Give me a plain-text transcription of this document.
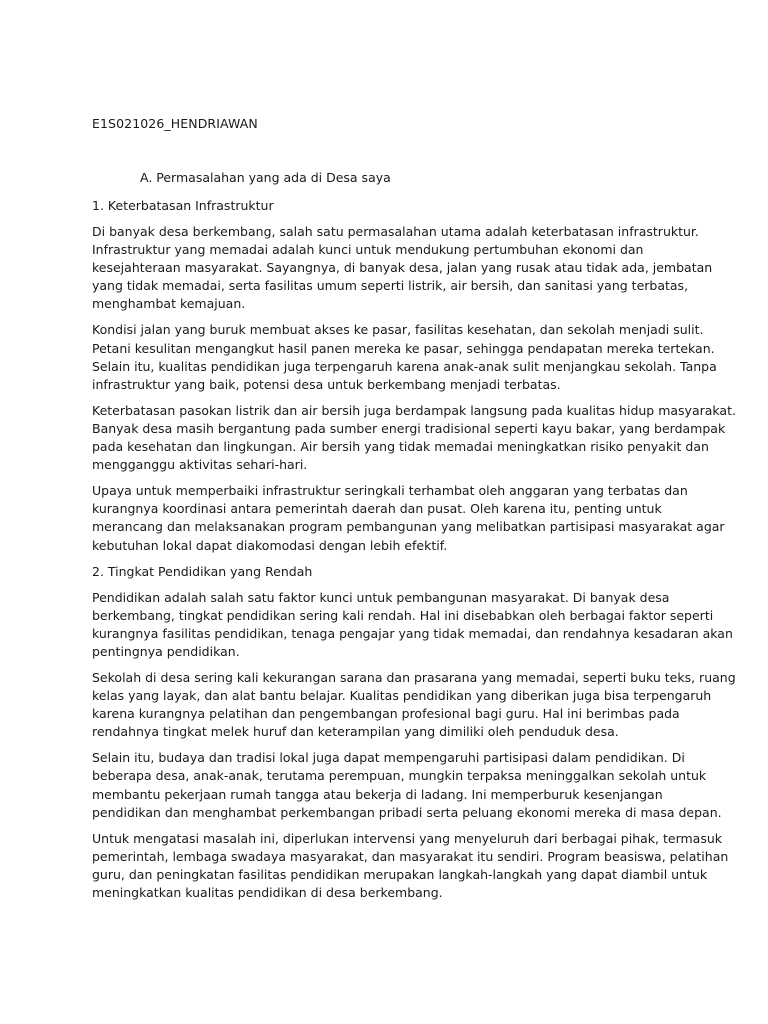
E1S021026_HENDRIAWAN
A. Permasalahan yang ada di Desa saya
1. Keterbatasan Infrastruktur
Di banyak desa berkembang, salah satu permasalahan utama adalah keterbatasan infrastruktur.
Infrastruktur yang memadai adalah kunci untuk mendukung pertumbuhan ekonomi dan
kesejahteraan masyarakat. Sayangnya, di banyak desa, jalan yang rusak atau tidak ada, jembatan
yang tidak memadai, serta fasilitas umum seperti listrik, air bersih, dan sanitasi yang terbatas,
menghambat kemajuan.
Kondisi jalan yang buruk membuat akses ke pasar, fasilitas kesehatan, dan sekolah menjadi sulit.
Petani kesulitan mengangkut hasil panen mereka ke pasar, sehingga pendapatan mereka tertekan.
Selain itu, kualitas pendidikan juga terpengaruh karena anak-anak sulit menjangkau sekolah. Tanpa
infrastruktur yang baik, potensi desa untuk berkembang menjadi terbatas.
Keterbatasan pasokan listrik dan air bersih juga berdampak langsung pada kualitas hidup masyarakat.
Banyak desa masih bergantung pada sumber energi tradisional seperti kayu bakar, yang berdampak
pada kesehatan dan lingkungan. Air bersih yang tidak memadai meningkatkan risiko penyakit dan
mengganggu aktivitas sehari-hari.
Upaya untuk memperbaiki infrastruktur seringkali terhambat oleh anggaran yang terbatas dan
kurangnya koordinasi antara pemerintah daerah dan pusat. Oleh karena itu, penting untuk
merancang dan melaksanakan program pembangunan yang melibatkan partisipasi masyarakat agar
kebutuhan lokal dapat diakomodasi dengan lebih efektif.
2. Tingkat Pendidikan yang Rendah
Pendidikan adalah salah satu faktor kunci untuk pembangunan masyarakat. Di banyak desa
berkembang, tingkat pendidikan sering kali rendah. Hal ini disebabkan oleh berbagai faktor seperti
kurangnya fasilitas pendidikan, tenaga pengajar yang tidak memadai, dan rendahnya kesadaran akan
pentingnya pendidikan.
Sekolah di desa sering kali kekurangan sarana dan prasarana yang memadai, seperti buku teks, ruang
kelas yang layak, dan alat bantu belajar. Kualitas pendidikan yang diberikan juga bisa terpengaruh
karena kurangnya pelatihan dan pengembangan profesional bagi guru. Hal ini berimbas pada
rendahnya tingkat melek huruf dan keterampilan yang dimiliki oleh penduduk desa.
Selain itu, budaya dan tradisi lokal juga dapat mempengaruhi partisipasi dalam pendidikan. Di
beberapa desa, anak-anak, terutama perempuan, mungkin terpaksa meninggalkan sekolah untuk
membantu pekerjaan rumah tangga atau bekerja di ladang. Ini memperburuk kesenjangan
pendidikan dan menghambat perkembangan pribadi serta peluang ekonomi mereka di masa depan.
Untuk mengatasi masalah ini, diperlukan intervensi yang menyeluruh dari berbagai pihak, termasuk
pemerintah, lembaga swadaya masyarakat, dan masyarakat itu sendiri. Program beasiswa, pelatihan
guru, dan peningkatan fasilitas pendidikan merupakan langkah-langkah yang dapat diambil untuk
meningkatkan kualitas pendidikan di desa berkembang.
